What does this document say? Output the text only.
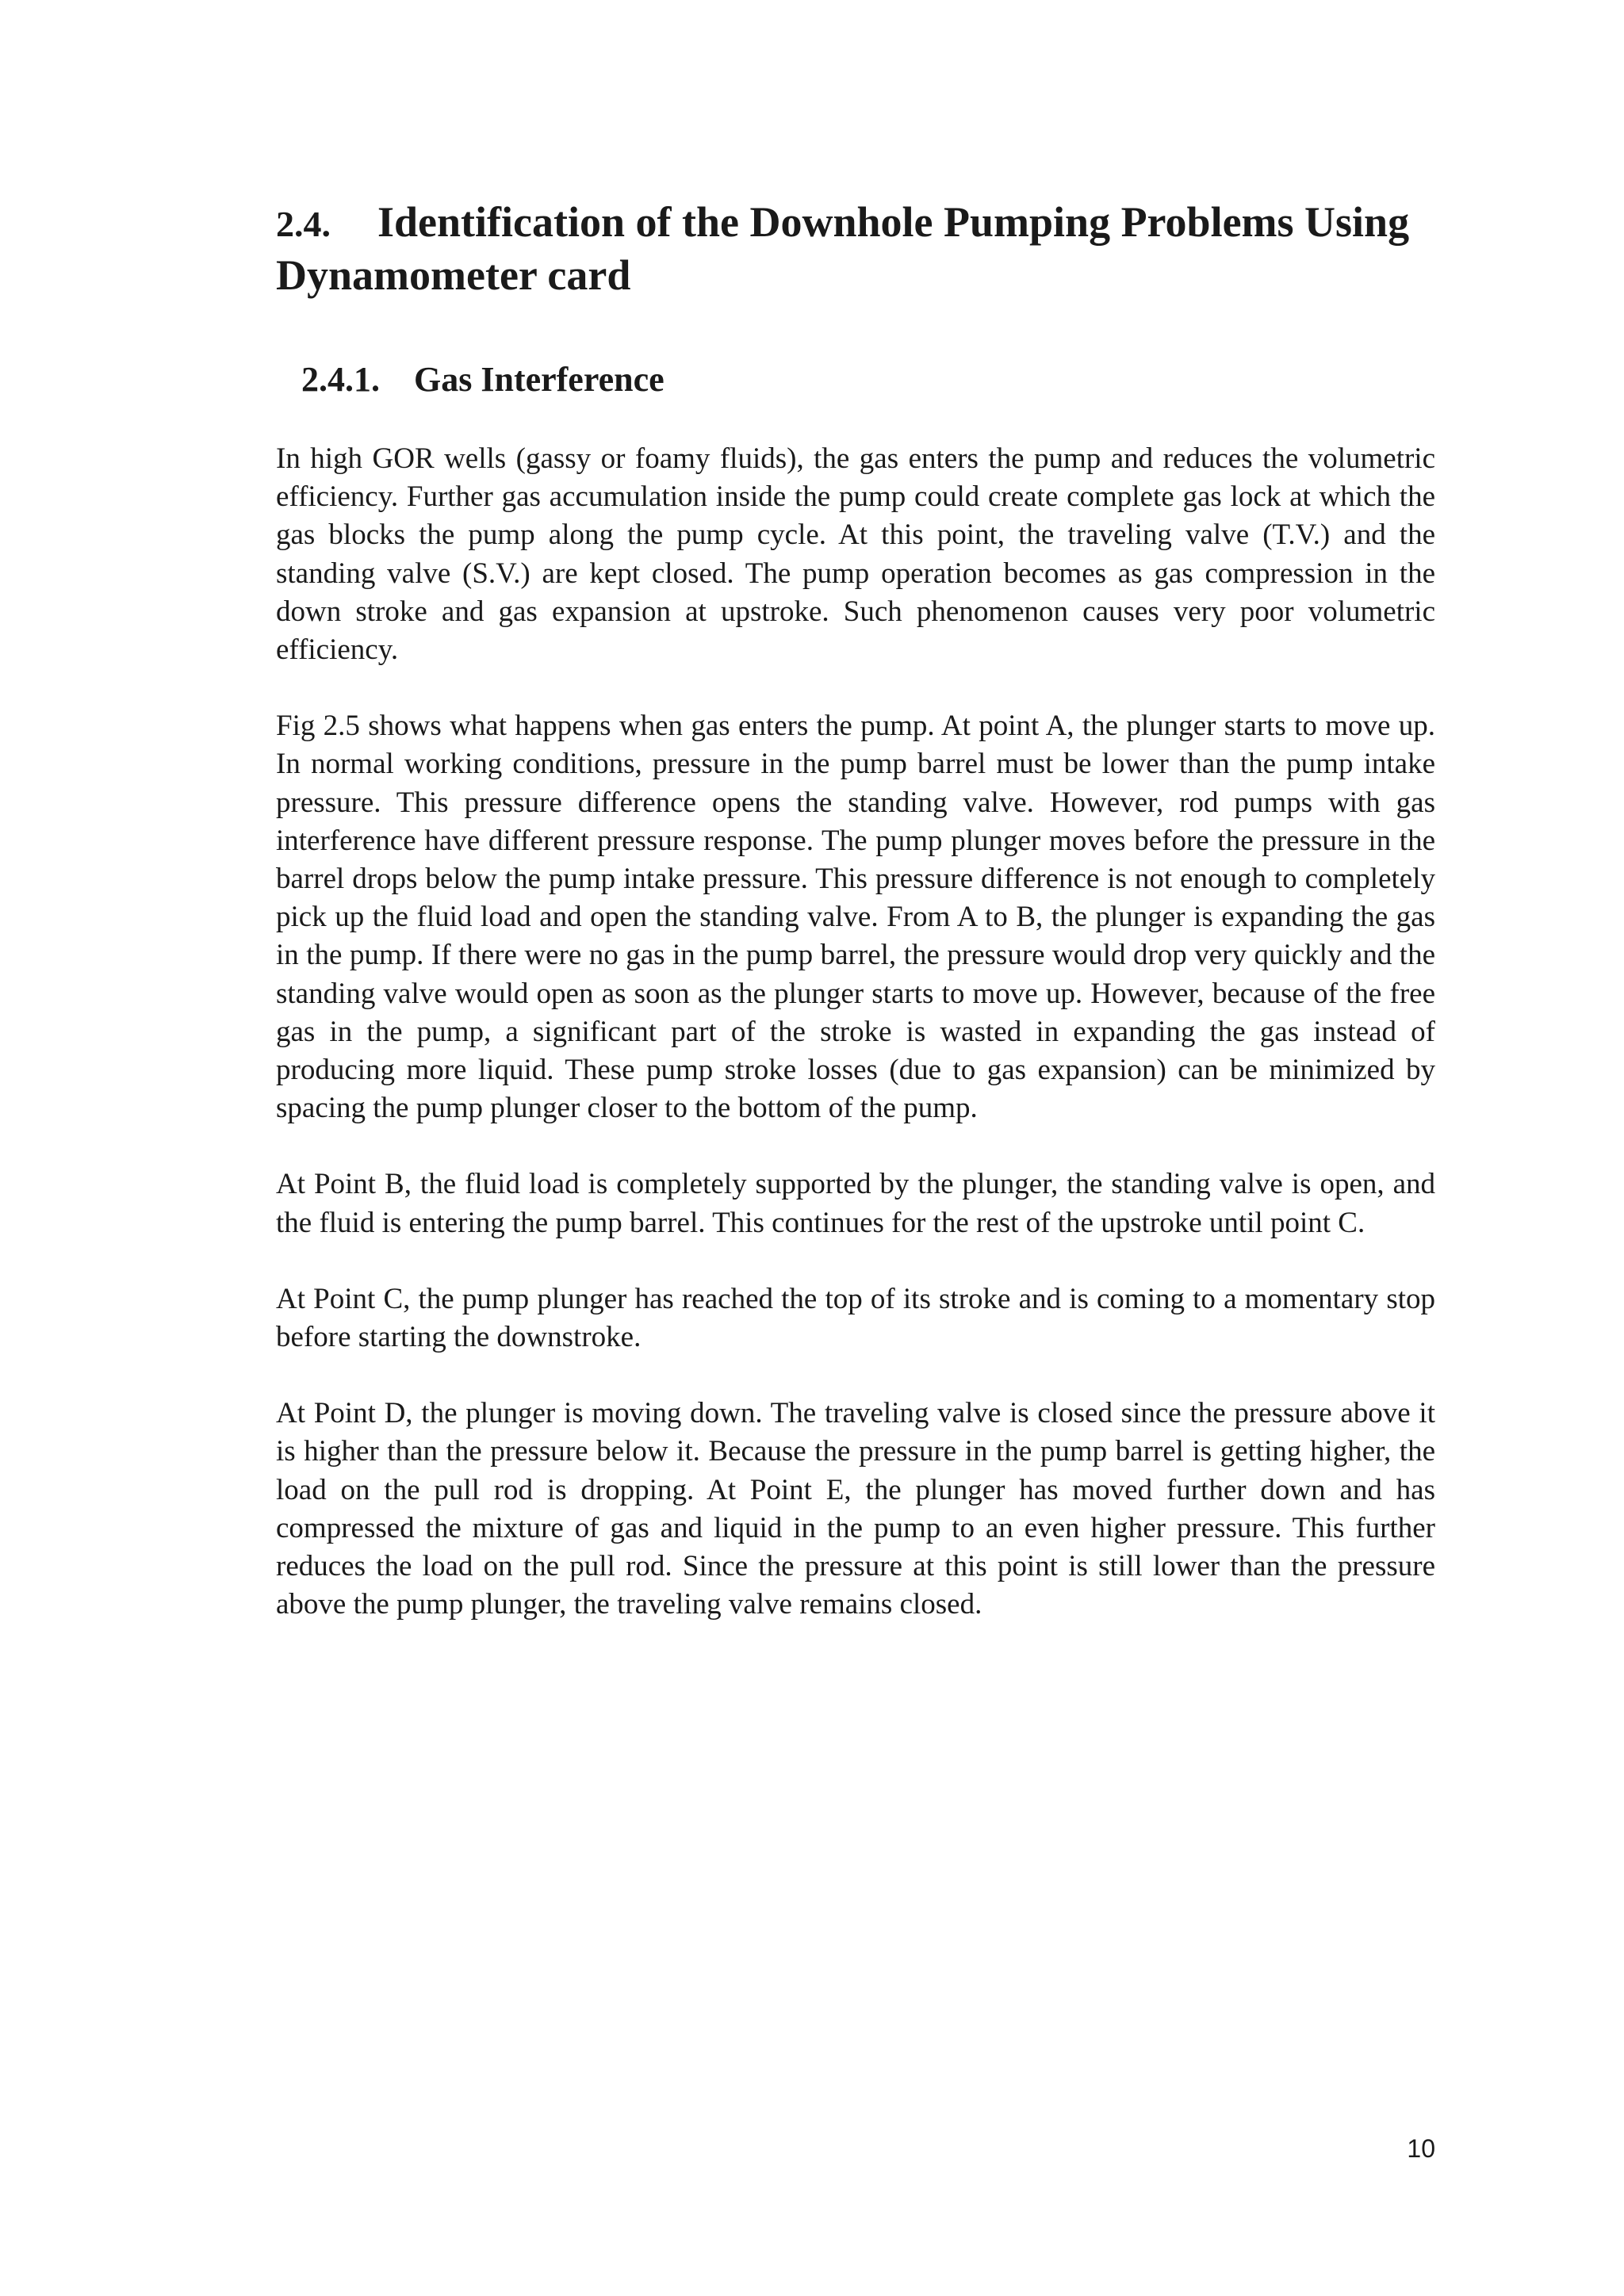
2.4. Identification of the Downhole Pumping Problems Using Dynamometer card
2.4.1. Gas Interference

In high GOR wells (gassy or foamy fluids), the gas enters the pump and reduces the volumetric efficiency. Further gas accumulation inside the pump could create complete gas lock at which the gas blocks the pump along the pump cycle. At this point, the traveling valve (T.V.) and the standing valve (S.V.) are kept closed. The pump operation becomes as gas compression in the down stroke and gas expansion at upstroke. Such phenomenon causes very poor volumetric efficiency.

Fig 2.5 shows what happens when gas enters the pump. At point A, the plunger starts to move up. In normal working conditions, pressure in the pump barrel must be lower than the pump intake pressure. This pressure difference opens the standing valve. However, rod pumps with gas interference have different pressure response. The pump plunger moves before the pressure in the barrel drops below the pump intake pressure. This pressure difference is not enough to completely pick up the fluid load and open the standing valve. From A to B, the plunger is expanding the gas in the pump. If there were no gas in the pump barrel, the pressure would drop very quickly and the standing valve would open as soon as the plunger starts to move up. However, because of the free gas in the pump, a significant part of the stroke is wasted in expanding the gas instead of producing more liquid. These pump stroke losses (due to gas expansion) can be minimized by spacing the pump plunger closer to the bottom of the pump.

At Point B, the fluid load is completely supported by the plunger, the standing valve is open, and the fluid is entering the pump barrel. This continues for the rest of the upstroke until point C.

At Point C, the pump plunger has reached the top of its stroke and is coming to a momentary stop before starting the downstroke.

At Point D, the plunger is moving down. The traveling valve is closed since the pressure above it is higher than the pressure below it. Because the pressure in the pump barrel is getting higher, the load on the pull rod is dropping. At Point E, the plunger has moved further down and has compressed the mixture of gas and liquid in the pump to an even higher pressure. This further reduces the load on the pull rod. Since the pressure at this point is still lower than the pressure above the pump plunger, the traveling valve remains closed.

10
